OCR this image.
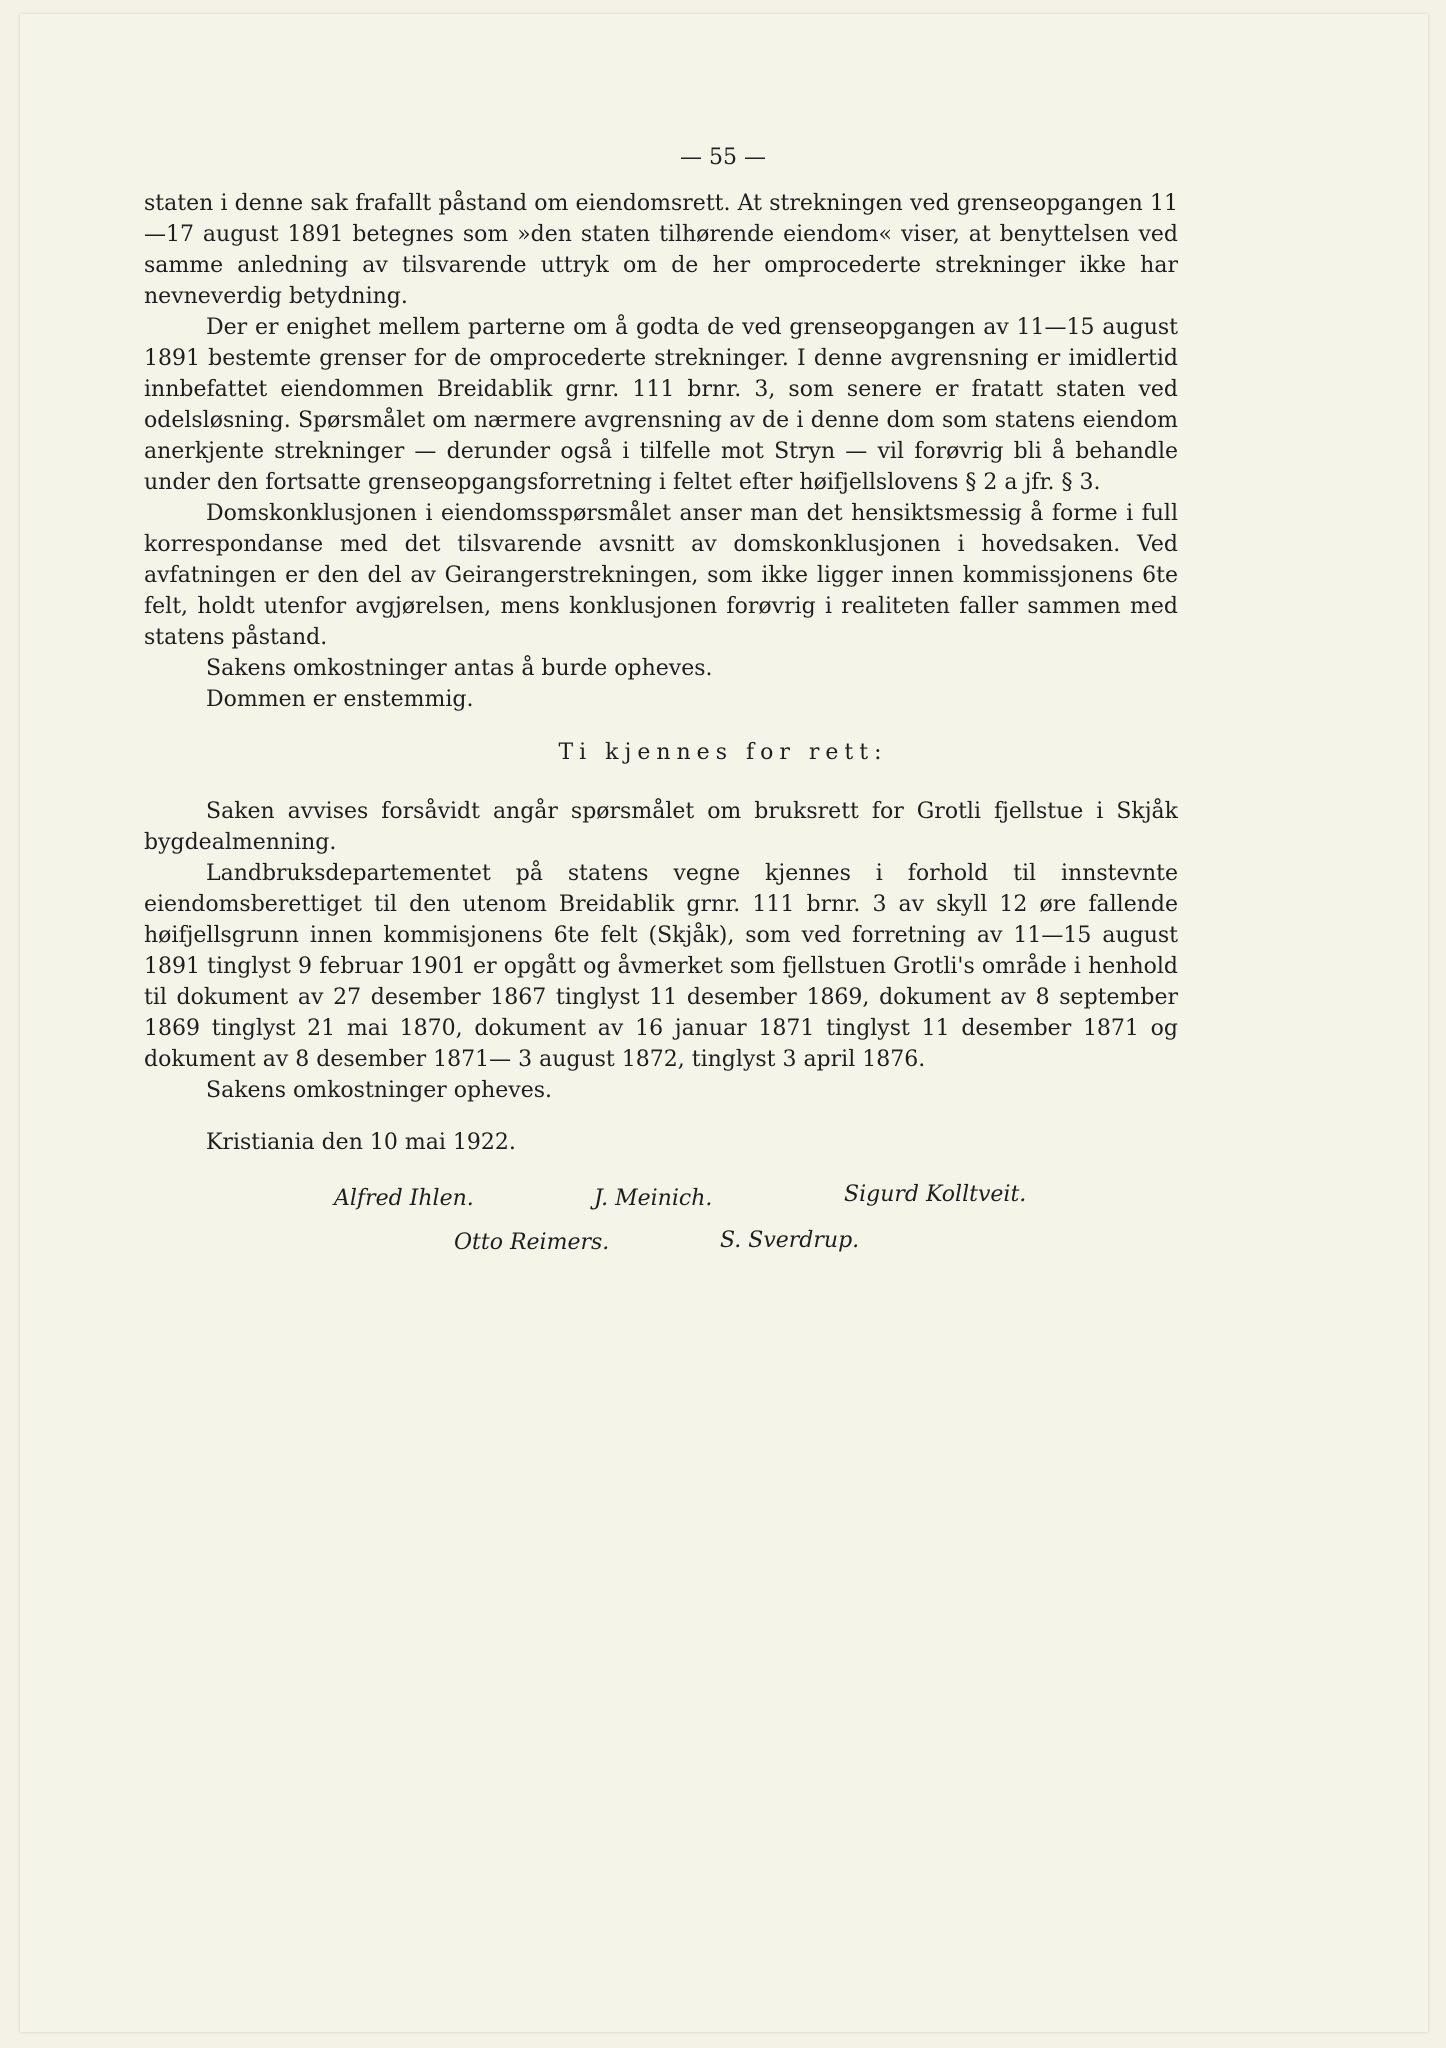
— 55 —

staten i denne sak frafallt påstand om eiendomsrett. At strekningen ved grenseopgangen 11—17 august 1891 betegnes som »den staten tilhørende eiendom« viser, at benyttelsen ved samme anledning av tilsvarende uttryk om de her omprocederte strekninger ikke har nevneverdig betydning.

Der er enighet mellem parterne om å godta de ved grenseopgangen av 11—15 august 1891 bestemte grenser for de omprocederte strekninger. I denne avgrensning er imidlertid innbefattet eiendommen Breidablik grnr. 111 brnr. 3, som senere er fratatt staten ved odelsløsning. Spørsmålet om nærmere avgrensning av de i denne dom som statens eiendom anerkjente strekninger — derunder også i tilfelle mot Stryn — vil forøvrig bli å behandle under den fortsatte grenseopgangsforretning i feltet efter høifjellslovens § 2 a jfr. § 3.

Domskonklusjonen i eiendomsspørsmålet anser man det hensiktsmessig å forme i full korrespondanse med det tilsvarende avsnitt av domskonklusjonen i hovedsaken. Ved avfatningen er den del av Geirangerstrekningen, som ikke ligger innen kommissjonens 6te felt, holdt utenfor avgjørelsen, mens konklusjonen forøvrig i realiteten faller sammen med statens påstand.

Sakens omkostninger antas å burde opheves.

Dommen er enstemmig.

Ti kjennes for rett:

Saken avvises forsåvidt angår spørsmålet om bruksrett for Grotli fjellstue i Skjåk bygdealmenning.

Landbruksdepartementet på statens vegne kjennes i forhold til innstevnte eiendomsberettiget til den utenom Breidablik grnr. 111 brnr. 3 av skyll 12 øre fallende høifjellsgrunn innen kommisjonens 6te felt (Skjåk), som ved forretning av 11—15 august 1891 tinglyst 9 februar 1901 er opgått og åvmerket som fjellstuen Grotli's område i henhold til dokument av 27 desember 1867 tinglyst 11 desember 1869, dokument av 8 september 1869 tinglyst 21 mai 1870, dokument av 16 januar 1871 tinglyst 11 desember 1871 og dokument av 8 desember 1871— 3 august 1872, tinglyst 3 april 1876.

Sakens omkostninger opheves.

Kristiania den 10 mai 1922.
Alfred Ihlen.	J. Meinich.	Sigurd Kolltveit.
Otto Reimers.	S. Sverdrup.
